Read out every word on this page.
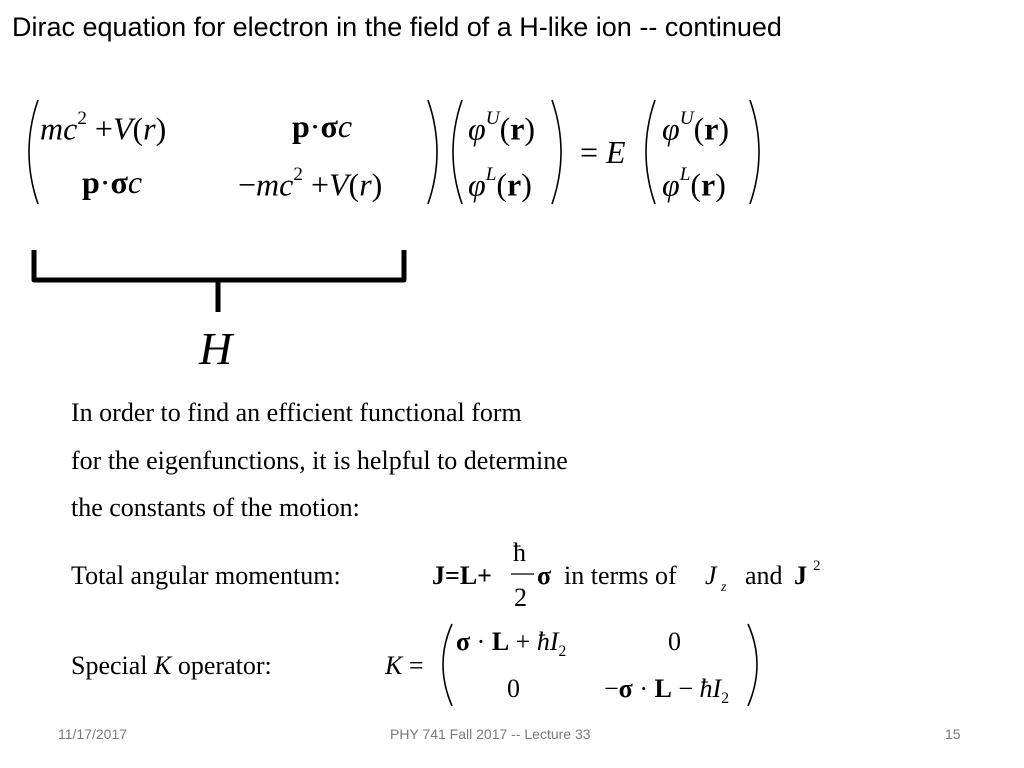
Dirac equation for electron in the field of a H-like ion -- continued
$mc^2 +V(r)$	p·σc
p·σc	$-mc^2 +V(r)$
$\varphi^U(r)$
$\varphi^L(r)$
= E
$\varphi^U(r)$
$\varphi^L(r)$
H
In order to find an efficient functional form
for the eigenfunctions, it is helpful to determine
the constants of the motion:
Total angular momentum:	J=L+
ħ
2
σ in terms of J z and J 2
Special K operator:	K =
$\sigma \cdot L + ħI_2$	0
0	$-\sigma \cdot L - ħI_2$
11/17/2017	PHY 741 Fall 2017 -- Lecture 33	15
